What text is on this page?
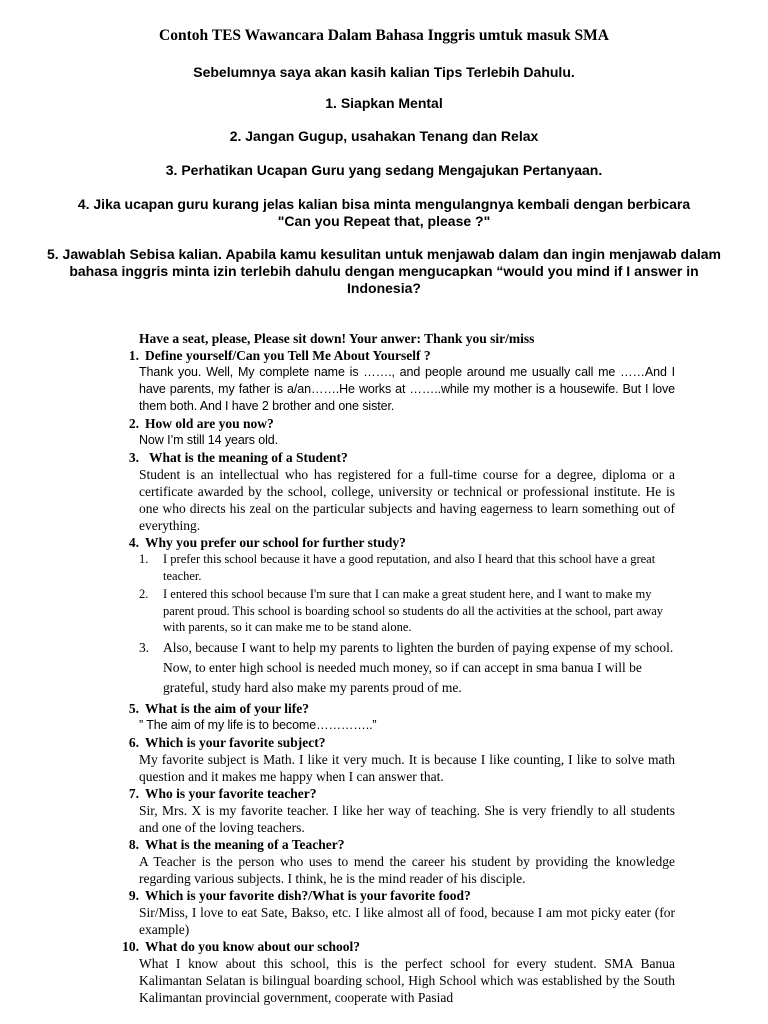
Contoh TES Wawancara Dalam Bahasa Inggris umtuk masuk SMA
Sebelumnya saya akan kasih kalian Tips Terlebih Dahulu.
1. Siapkan Mental
2. Jangan Gugup, usahakan Tenang dan Relax
3. Perhatikan Ucapan Guru yang sedang Mengajukan Pertanyaan.
4. Jika ucapan guru kurang jelas kalian bisa minta mengulangnya kembali dengan berbicara "Can you Repeat that, please ?"
5. Jawablah Sebisa kalian. Apabila kamu kesulitan untuk menjawab dalam dan ingin menjawab dalam bahasa inggris minta izin terlebih dahulu dengan mengucapkan “would you mind if I answer in Indonesia?
Have a seat, please, Please sit down! Your anwer: Thank you sir/miss
1. Define yourself/Can you Tell Me About Yourself ?
Thank you. Well, My complete name is ……., and people around me usually call me ……And I have parents, my father is a/an…….He works at ……..while my mother is a housewife. But I love them both. And I have 2 brother and one sister.
2. How old are you now?
Now I’m still 14 years old.
3. What is the meaning of a Student?
Student is an intellectual who has registered for a full-time course for a degree, diploma or a certificate awarded by the school, college, university or technical or professional institute. He is one who directs his zeal on the particular subjects and having eagerness to learn something out of everything.
4. Why you prefer our school for further study?
1.	I prefer this school because it have a good reputation, and also I heard that this school have a great teacher.
2.	I entered this school because I'm sure that I can make a great student here, and I want to make my parent proud. This school is boarding school so students do all the activities at the school, part away with parents, so it can make me to be stand alone.
3.	Also, because I want to help my parents to lighten the burden of paying expense of my school. Now, to enter high school is needed much money, so if can accept in sma banua I will be grateful, study hard also make my parents proud of me.
5. What is the aim of your life?
” The aim of my life is to become…………..”
6. Which is your favorite subject?
My favorite subject is Math. I like it very much. It is because I like counting, I like to solve math question and it makes me happy when I can answer that.
7. Who is your favorite teacher?
Sir, Mrs. X is my favorite teacher. I like her way of teaching. She is very friendly to all students and one of the loving teachers.
8. What is the meaning of a Teacher?
A Teacher is the person who uses to mend the career his student by providing the knowledge regarding various subjects. I think, he is the mind reader of his disciple.
9. Which is your favorite dish?/What is your favorite food?
Sir/Miss, I love to eat Sate, Bakso, etc. I like almost all of food, because I am mot picky eater (for example)
10. What do you know about our school?
What I know about this school, this is the perfect school for every student. SMA Banua Kalimantan Selatan is bilingual boarding school, High School which was established by the South Kalimantan provincial government, cooperate with Pasiad
